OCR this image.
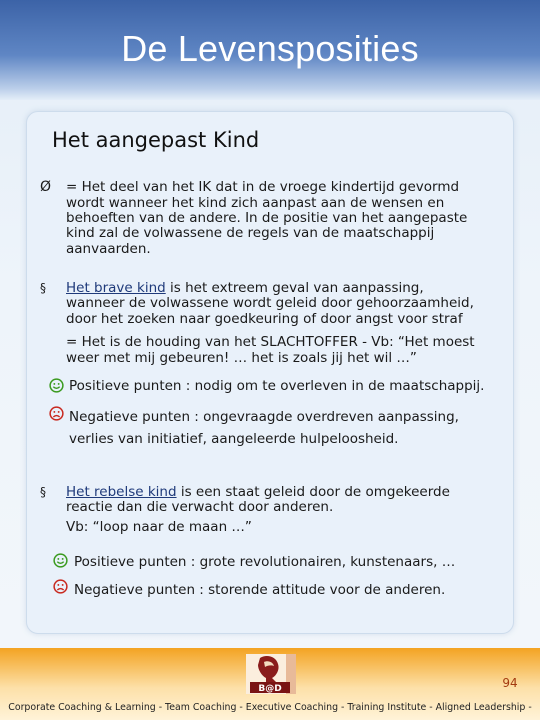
De Levensposities
Het aangepast Kind
Ø = Het deel van het IK dat in de vroege kindertijd gevormd

wordt wanneer het kind zich aanpast aan de wensen en

behoeften van de andere. In de positie van het aangepaste

kind zal de volwassene de regels van de maatschappij

aanvaarden.

§ Het brave kind is het extreem geval van aanpassing,

wanneer de volwassene wordt geleid door gehoorzaamheid,

door het zoeken naar goedkeuring of door angst voor straf

= Het is de houding van het SLACHTOFFER - Vb: “Het moest

weer met mij gebeuren! … het is zoals jij het wil …”

Positieve punten : nodig om te overleven in de maatschappij.

Negatieve punten : ongevraagde overdreven aanpassing,

verlies van initiatief, aangeleerde hulpeloosheid.

§ Het rebelse kind is een staat geleid door de omgekeerde

reactie dan die verwacht door anderen.

Vb: “loop naar de maan …”

Positieve punten : grote revolutionairen, kunstenaars, …

Negatieve punten : storende attitude voor de anderen.

B@D	94
Corporate Coaching & Learning - Team Coaching - Executive Coaching - Training Institute - Aligned Leadership -
